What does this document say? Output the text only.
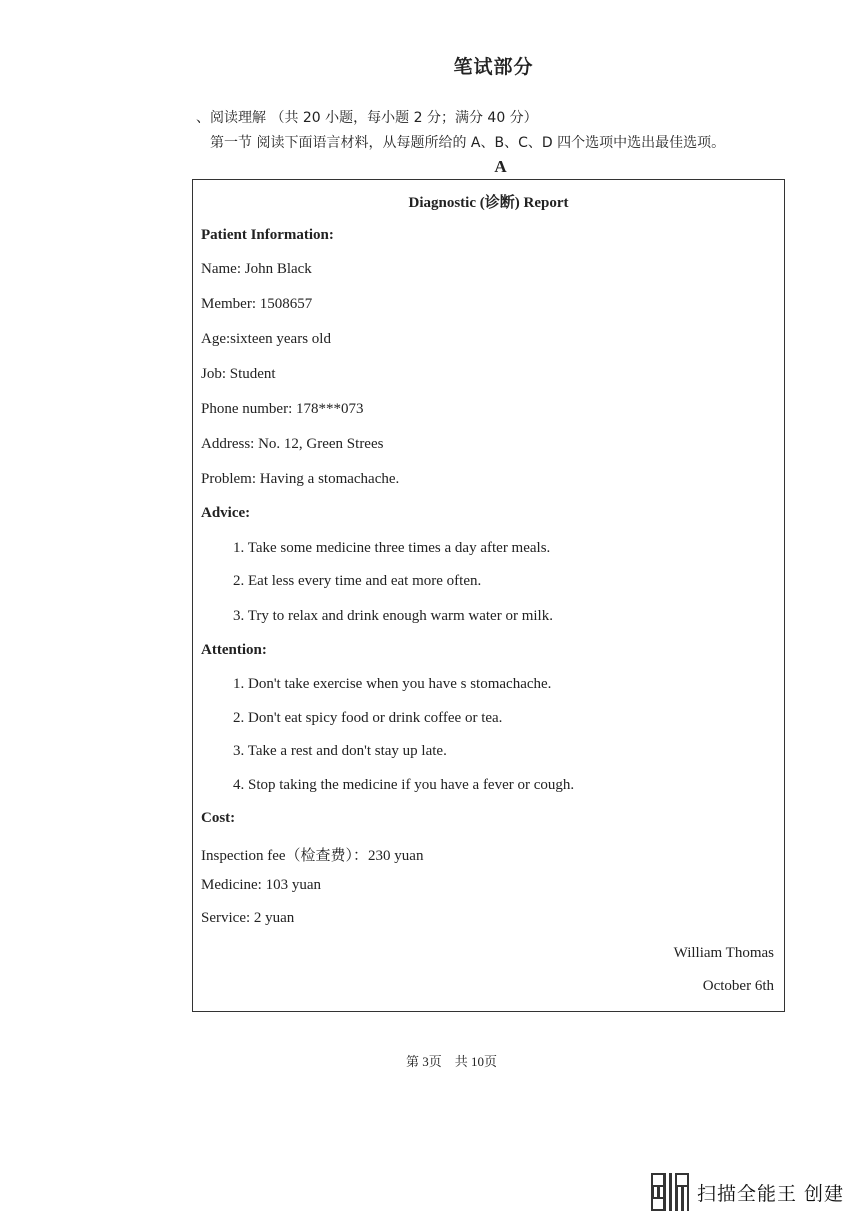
笔试部分
、阅读理解 （共 20 小题，每小题 2 分；满分 40 分）
第一节 阅读下面语言材料，从每题所给的 A、B、C、D 四个选项中选出最佳选项。
A
Diagnostic (诊断) Report
Patient Information:
Name: John Black
Member: 1508657
Age:sixteen years old
Job: Student
Phone number: 178***073
Address: No. 12, Green Strees
Problem: Having a stomachache.
Advice:
1. Take some medicine three times a day after meals.
2. Eat less every time and eat more often.
3. Try to relax and drink enough warm water or milk.
Attention:
1. Don't take exercise when you have s stomachache.
2. Don't eat spicy food or drink coffee or tea.
3. Take a rest and don't stay up late.
4. Stop taking the medicine if you have a fever or cough.
Cost:
Inspection fee（检查费）：230 yuan
Medicine: 103 yuan
Service: 2 yuan
William Thomas
October 6th
第 3页　共 10页
扫描全能王 创建
